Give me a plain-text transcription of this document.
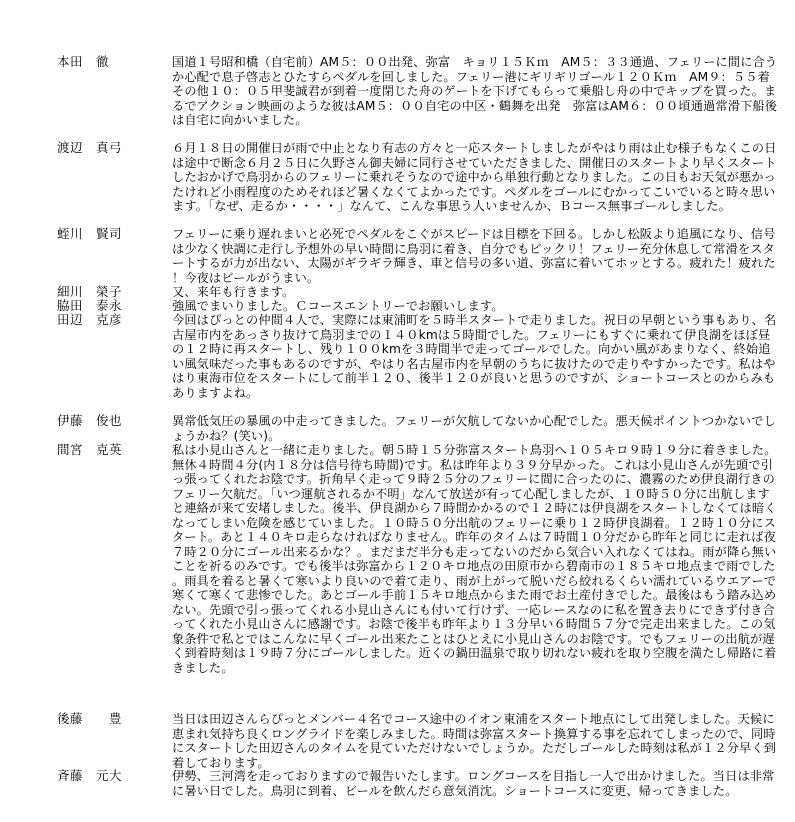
本田　徹	国道１号昭和橋（自宅前）AM５：００出発、弥富　キョリ１５Ｋｍ　AM５：３３通過、フェリーに間に合うか心配で息子啓志とひたすらペダルを回しました。フェリー港にギリギリゴール１２０Ｋｍ　AM９：５５着　その他１０：０５甲斐誠君が到着一度閉じた舟のゲートを下げてもらって乗船し舟の中でキップを買った。まるでアクション映画のような彼はAM５：００自宅の中区・鶴舞を出発　弥富はAM６：００頃通過常滑下船後は自宅に向かいました。
渡辺　真弓	６月１８日の開催日が雨で中止となり有志の方々と一応スタートしましたがやはり雨は止む様子もなくこの日は途中で断念６月２５日に久野さん御夫婦に同行させていただきました、開催日のスタートより早くスタートしたおかげで鳥羽からのフェリーに乗れそうなので途中から単独行動となりました。この日もお天気が悪かったけれど小雨程度のためそれほど暑くなくてよかったです。ペダルをゴールにむかってこいでいると時々思います。「なぜ、走るか・・・・」なんて、こんな事思う人いませんか、Ｂコース無事ゴールしました。
蛭川　賢司	フェリーに乗り遅れまいと必死でペダルをこぐがスピードは目標を下回る。しかし松阪より追風になり、信号は少なく快調に走行し予想外の早い時間に鳥羽に着き、自分でもビックリ！フェリー充分休息して常滑をスタートするが力が出ない、太陽がギラギラ輝き、車と信号の多い道、弥富に着いてホッとする。疲れた！疲れた！今夜はビールがうまい。
細川　榮子	又、来年も行きます。
脇田　泰永	強風でまいりました。Ｃコースエントリーでお願いします。
田辺　克彦	今回はぴっとの仲間４人で、実際には東浦町を５時半スタートで走りました。祝日の早朝という事もあり、名古屋市内をあっさり抜けて鳥羽までの１４０kmは５時間でした。フェリーにもすぐに乗れて伊良湖をほぼ昼の１２時に再スタートし、残り１００kmを３時間半で走ってゴールでした。向かい風があまりなく、終始追い風気味だった事もあるのですが、やはり名古屋市内を早朝のうちに抜けたので走りやすかったです。私はやはり東海市位をスタートにして前半１２０、後半１２０が良いと思うのですが、ショートコースとのからみもありますよね。
伊藤　俊也	異常低気圧の暴風の中走ってきました。フェリーが欠航してないか心配でした。悪天候ポイントつかないでしょうかね？(笑い)。
間宮　克英	私は小見山さんと一緒に走りました。朝５時１５分弥富スタート鳥羽へ１０５キロ９時１９分に着きました。無休４時間４分(内１８分は信号待ち時間)です。私は昨年より３９分早かった。これは小見山さんが先頭で引っ張ってくれたお陰です。折角早く走って９時２５分のフェリーに間に合ったのに、濃霧のため伊良湖行きのフェリー欠航だ。「いつ運航されるか不明」なんて放送が有って心配しましたが、１０時５０分に出航しますと連絡が来て安堵しました。後半、伊良湖から７時間かかるので１２時には伊良湖をスタートしなくては暗くなってしまい危険を感じていました。１０時５０分出航のフェリーに乗り１２時伊良湖着。１２時１０分にスタート。あと１４０キロ走らなければなりません。昨年のタイムは７時間１０分だから昨年と同じに走れば夜７時２０分にゴール出来るかな？。まだまだ半分も走ってないのだから気合い入れなくてはね。雨が降ら無いことを祈るのみです。でも後半は弥富から１２０キロ地点の田原市から碧南市の１８５キロ地点まで雨でした。雨具を着ると暑くて寒いより良いので着て走り、雨が上がって脱いだら絞れるくらい濡れているウエアーで寒くて寒くて悲惨でした。あとゴール手前１５キロ地点からまた雨でお土産付きでした。最後はもう踏み込めない。先頭で引っ張ってくれる小見山さんにも付いて行けず、一応レースなのに私を置き去りにできず付き合ってくれた小見山さんに感謝です。お陰で後半も昨年より１３分早い６時間５７分で完走出来ました。この気象条件で私とではこんなに早くゴール出来たことはひとえに小見山さんのお陰です。でもフェリーの出航が遅く到着時刻は１９時７分にゴールしました。近くの鍋田温泉で取り切れない疲れを取り空腹を満たし帰路に着きました。
後藤　　豊	当日は田辺さんらぴっとメンバー４名でコース途中のイオン東浦をスタート地点にして出発しました。天候に恵まれ気持ち良くロングライドを楽しみました。時間は弥富スタート換算する事を忘れてしまったので、同時にスタートした田辺さんのタイムを見ていただけないでしょうか。ただしゴールした時刻は私が１２分早く到着しております。
斉藤　元大	伊勢、三河湾を走っておりますので報告いたします。ロングコースを目指し一人で出かけました。当日は非常に暑い日でした。鳥羽に到着、ビールを飲んだら意気消沈。ショートコースに変更、帰ってきました。
